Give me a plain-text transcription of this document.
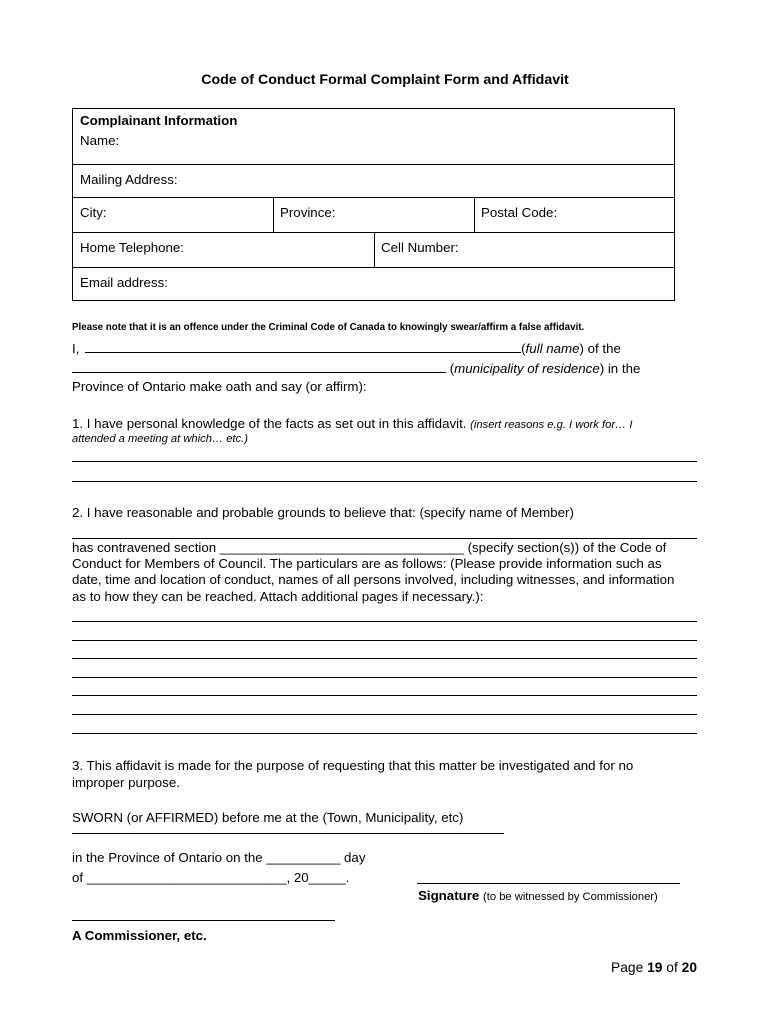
Code of Conduct Formal Complaint Form and Affidavit
Complainant Information
Name:
Mailing Address:
City:	Province:	Postal Code:
Home Telephone:	Cell Number:
Email address:
Please note that it is an offence under the Criminal Code of Canada to knowingly swear/affirm a false affidavit.
I,	(full name) of the
(municipality of residence) in the
Province of Ontario make oath and say (or affirm):
1. I have personal knowledge of the facts as set out in this affidavit. (insert reasons e.g. I work for… I
attended a meeting at which… etc.)
2. I have reasonable and probable grounds to believe that: (specify name of Member)
has contravened section _________________________________ (specify section(s)) of the Code of
Conduct for Members of Council. The particulars are as follows: (Please provide information such as
date, time and location of conduct, names of all persons involved, including witnesses, and information
as to how they can be reached. Attach additional pages if necessary.):
3. This affidavit is made for the purpose of requesting that this matter be investigated and for no
improper purpose.
SWORN (or AFFIRMED) before me at the (Town, Municipality, etc)
in the Province of Ontario on the __________ day
of ___________________________, 20_____.
Signature (to be witnessed by Commissioner)
A Commissioner, etc.
Page 19 of 20
